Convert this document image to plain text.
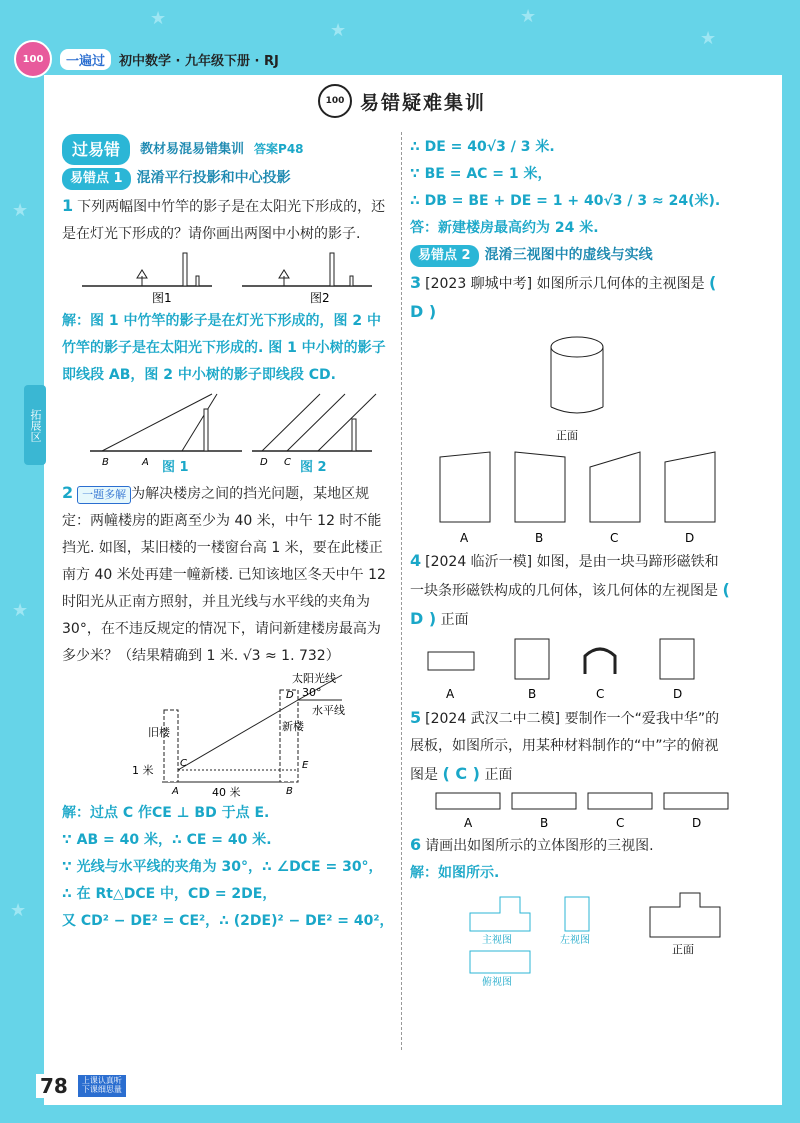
★
★
★
★
★
★
★
100	一遍过	初中数学 · 九年级下册 · RJ
100 易错疑难集训
拓展区
过易错	教材易混易错集训 答案P48
易错点 1	混淆平行投影和中心投影

1 下列两幅图中竹竿的影子是在太阳光下形成的，还是在灯光下形成的？请你画出两图中小树的影子.

图1	图2

解：图 1 中竹竿的影子是在灯光下形成的，图 2 中竹竿的影子是在太阳光下形成的. 图 1 中小树的影子即线段 AB，图 2 中小树的影子即线段 CD.

图 1	图 2
B	A	D C

2 一题多解 为解决楼房之间的挡光问题，某地区规定：两幢楼房的距离至少为 40 米，中午 12 时不能挡光. 如图，某旧楼的一楼窗台高 1 米，要在此楼正南方 40 米处再建一幢新楼. 已知该地区冬天中午 12 时阳光从正南方照射，并且光线与水平线的夹角为 30°，在不违反规定的情况下，请问新建楼房最高为多少米？（结果精确到 1 米. √3 ≈ 1. 732）

太阳光线
水平线
30°
旧楼	新楼
40 米
1 米
D
E
C
A	B

解：过点 C 作CE ⊥ BD 于点 E.

∵ AB = 40 米，∴ CE = 40 米.

∵ 光线与水平线的夹角为 30°，∴ ∠DCE = 30°，

∴ 在 Rt△DCE 中，CD = 2DE，

又 CD² − DE² = CE²，∴ (2DE)² − DE² = 40²，

∴ DE = 40√3 / 3 米.

∵ BE = AC = 1 米，

∴ DB = BE + DE = 1 + 40√3 / 3 ≈ 24(米).

答：新建楼房最高约为 24 米.

易错点 2	混淆三视图中的虚线与实线

3 [2023 聊城中考] 如图所示几何体的主视图是 ( D )

正面
A	B	C	D

4 [2024 临沂一模] 如图，是由一块马蹄形磁铁和一块条形磁铁构成的几何体，该几何体的左视图是 ( D ) 正面

A	B	C	D

5 [2024 武汉二中二模] 要制作一个“爱我中华”的展板，如图所示，用某种材料制作的“中”字的俯视图是 ( C ) 正面

A	B	C	D

6 请画出如图所示的立体图形的三视图.

解：如图所示.

主视图	左视图
俯视图
正面
78	上课认真听
下课细思量
